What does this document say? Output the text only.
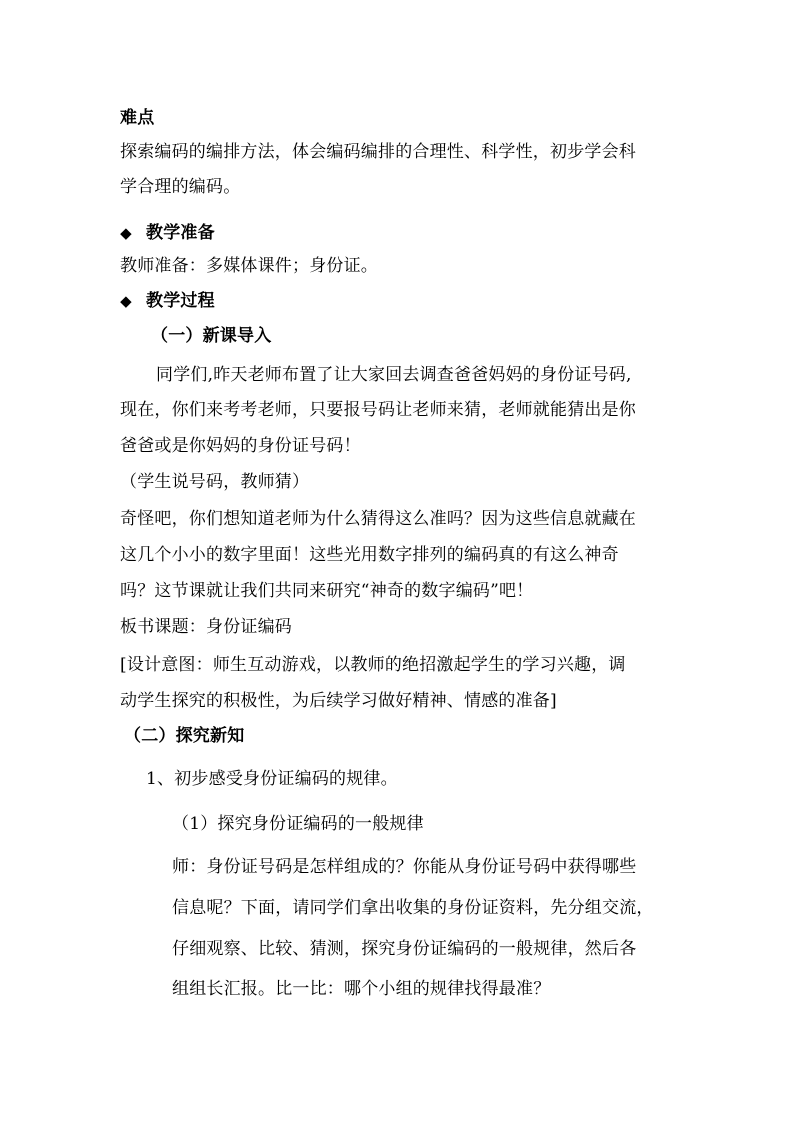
难点
探索编码的编排方法，体会编码编排的合理性、科学性，初步学会科
学合理的编码。
◆ 教学准备
教师准备：多媒体课件；身份证。
◆ 教学过程
（一）新课导入
同学们,昨天老师布置了让大家回去调查爸爸妈妈的身份证号码,
现在，你们来考考老师，只要报号码让老师来猜，老师就能猜出是你
爸爸或是你妈妈的身份证号码！
（学生说号码，教师猜）
奇怪吧，你们想知道老师为什么猜得这么准吗？因为这些信息就藏在
这几个小小的数字里面！这些光用数字排列的编码真的有这么神奇
吗？这节课就让我们共同来研究“神奇的数字编码”吧！
板书课题：身份证编码
[设计意图：师生互动游戏，以教师的绝招激起学生的学习兴趣，调
动学生探究的积极性，为后续学习做好精神、情感的准备]
（二）探究新知
1、初步感受身份证编码的规律。
（1）探究身份证编码的一般规律
师：身份证号码是怎样组成的？你能从身份证号码中获得哪些
信息呢？下面，请同学们拿出收集的身份证资料，先分组交流，
仔细观察、比较、猜测，探究身份证编码的一般规律，然后各
组组长汇报。比一比：哪个小组的规律找得最准？
